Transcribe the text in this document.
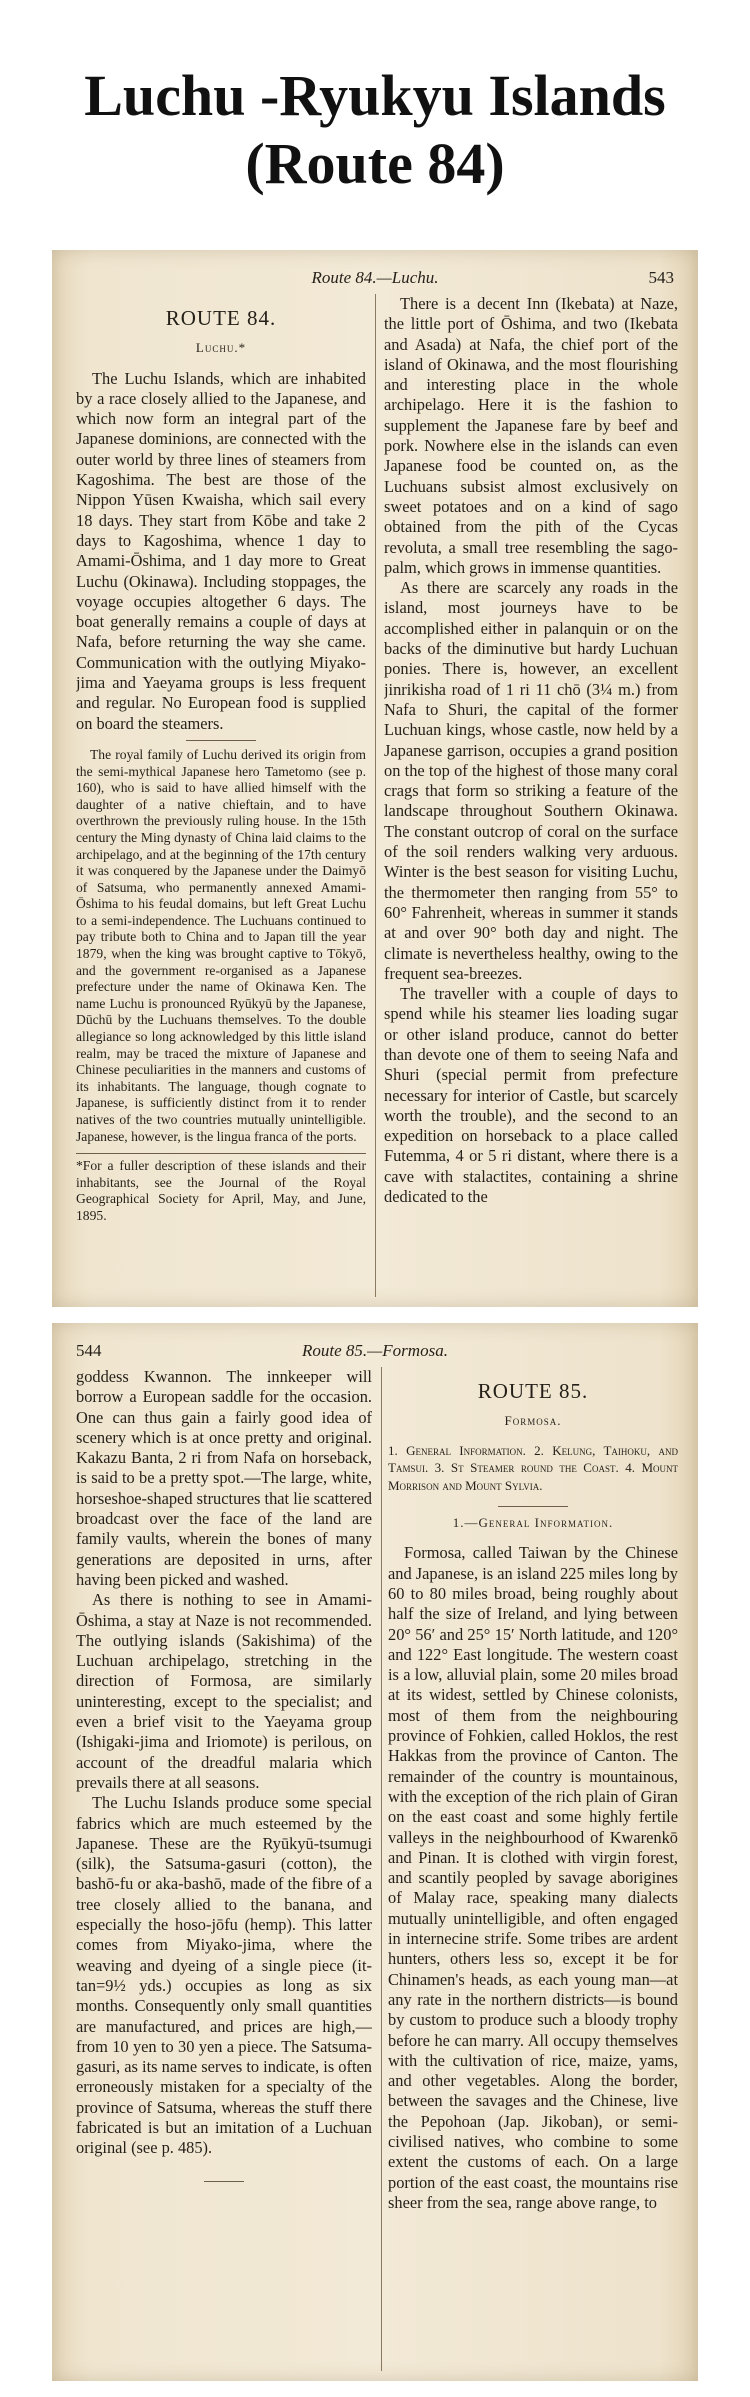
Luchu -Ryukyu Islands
(Route 84)
Route 84.—Luchu.	543
ROUTE 84.
Luchu.*

The Luchu Islands, which are inhabited by a race closely allied to the Japanese, and which now form an integral part of the Japanese dominions, are connected with the outer world by three lines of steamers from Kagoshima. The best are those of the Nippon Yūsen Kwaisha, which sail every 18 days. They start from Kōbe and take 2 days to Kagoshima, whence 1 day to Amami-Ōshima, and 1 day more to Great Luchu (Okinawa). Including stoppages, the voyage occupies altogether 6 days. The boat generally remains a couple of days at Nafa, before returning the way she came. Communication with the outlying Miyako-jima and Yaeyama groups is less frequent and regular. No European food is supplied on board the steamers.

The royal family of Luchu derived its origin from the semi-mythical Japanese hero Tametomo (see p. 160), who is said to have allied himself with the daughter of a native chieftain, and to have overthrown the previously ruling house. In the 15th century the Ming dynasty of China laid claims to the archipelago, and at the beginning of the 17th century it was conquered by the Japanese under the Daimyō of Satsuma, who permanently annexed Amami-Ōshima to his feudal domains, but left Great Luchu to a semi-independence. The Luchuans continued to pay tribute both to China and to Japan till the year 1879, when the king was brought captive to Tōkyō, and the government re-organised as a Japanese prefecture under the name of Okinawa Ken. The name Luchu is pronounced Ryūkyū by the Japanese, Dūchū by the Luchuans themselves. To the double allegiance so long acknowledged by this little island realm, may be traced the mixture of Japanese and Chinese peculiarities in the manners and customs of its inhabitants. The language, though cognate to Japanese, is sufficiently distinct from it to render natives of the two countries mutually unintelligible. Japanese, however, is the lingua franca of the ports.

*For a fuller description of these islands and their inhabitants, see the Journal of the Royal Geographical Society for April, May, and June, 1895.

There is a decent Inn (Ikebata) at Naze, the little port of Ōshima, and two (Ikebata and Asada) at Nafa, the chief port of the island of Okinawa, and the most flourishing and interesting place in the whole archipelago. Here it is the fashion to supplement the Japanese fare by beef and pork. Nowhere else in the islands can even Japanese food be counted on, as the Luchuans subsist almost exclusively on sweet potatoes and on a kind of sago obtained from the pith of the Cycas revoluta, a small tree resembling the sago-palm, which grows in immense quantities.

As there are scarcely any roads in the island, most journeys have to be accomplished either in palanquin or on the backs of the diminutive but hardy Luchuan ponies. There is, however, an excellent jinrikisha road of 1 ri 11 chō (3¼ m.) from Nafa to Shuri, the capital of the former Luchuan kings, whose castle, now held by a Japanese garrison, occupies a grand position on the top of the highest of those many coral crags that form so striking a feature of the landscape throughout Southern Okinawa. The constant outcrop of coral on the surface of the soil renders walking very arduous. Winter is the best season for visiting Luchu, the thermometer then ranging from 55° to 60° Fahrenheit, whereas in summer it stands at and over 90° both day and night. The climate is nevertheless healthy, owing to the frequent sea-breezes.

The traveller with a couple of days to spend while his steamer lies loading sugar or other island produce, cannot do better than devote one of them to seeing Nafa and Shuri (special permit from prefecture necessary for interior of Castle, but scarcely worth the trouble), and the second to an expedition on horseback to a place called Futemma, 4 or 5 ri distant, where there is a cave with stalactites, containing a shrine dedicated to the

544	Route 85.—Formosa.

goddess Kwannon. The innkeeper will borrow a European saddle for the occasion. One can thus gain a fairly good idea of scenery which is at once pretty and original. Kakazu Banta, 2 ri from Nafa on horseback, is said to be a pretty spot.—The large, white, horseshoe-shaped structures that lie scattered broadcast over the face of the land are family vaults, wherein the bones of many generations are deposited in urns, after having been picked and washed.

As there is nothing to see in Amami-Ōshima, a stay at Naze is not recommended. The outlying islands (Sakishima) of the Luchuan archipelago, stretching in the direction of Formosa, are similarly uninteresting, except to the specialist; and even a brief visit to the Yaeyama group (Ishigaki-jima and Iriomote) is perilous, on account of the dreadful malaria which prevails there at all seasons.

The Luchu Islands produce some special fabrics which are much esteemed by the Japanese. These are the Ryūkyū-tsumugi (silk), the Satsuma-gasuri (cotton), the bashō-fu or aka-bashō, made of the fibre of a tree closely allied to the banana, and especially the hoso-jōfu (hemp). This latter comes from Miyako-jima, where the weaving and dyeing of a single piece (it-tan=9½ yds.) occupies as long as six months. Consequently only small quantities are manufactured, and prices are high,—from 10 yen to 30 yen a piece. The Satsuma-gasuri, as its name serves to indicate, is often erroneously mistaken for a specialty of the province of Satsuma, whereas the stuff there fabricated is but an imitation of a Luchuan original (see p. 485).

ROUTE 85.
Formosa.
1. General Information. 2. Kelung, Taihoku, and Tamsui. 3. St Steamer round the Coast. 4. Mount Morrison and Mount Sylvia.
1.—General Information.

Formosa, called Taiwan by the Chinese and Japanese, is an island 225 miles long by 60 to 80 miles broad, being roughly about half the size of Ireland, and lying between 20° 56′ and 25° 15′ North latitude, and 120° and 122° East longitude. The western coast is a low, alluvial plain, some 20 miles broad at its widest, settled by Chinese colonists, most of them from the neighbouring province of Fohkien, called Hoklos, the rest Hakkas from the province of Canton. The remainder of the country is mountainous, with the exception of the rich plain of Giran on the east coast and some highly fertile valleys in the neighbourhood of Kwarenkō and Pinan. It is clothed with virgin forest, and scantily peopled by savage aborigines of Malay race, speaking many dialects mutually unintelligible, and often engaged in internecine strife. Some tribes are ardent hunters, others less so, except it be for Chinamen's heads, as each young man—at any rate in the northern districts—is bound by custom to produce such a bloody trophy before he can marry. All occupy themselves with the cultivation of rice, maize, yams, and other vegetables. Along the border, between the savages and the Chinese, live the Pepohoan (Jap. Jikoban), or semi-civilised natives, who combine to some extent the customs of each. On a large portion of the east coast, the mountains rise sheer from the sea, range above range, to
